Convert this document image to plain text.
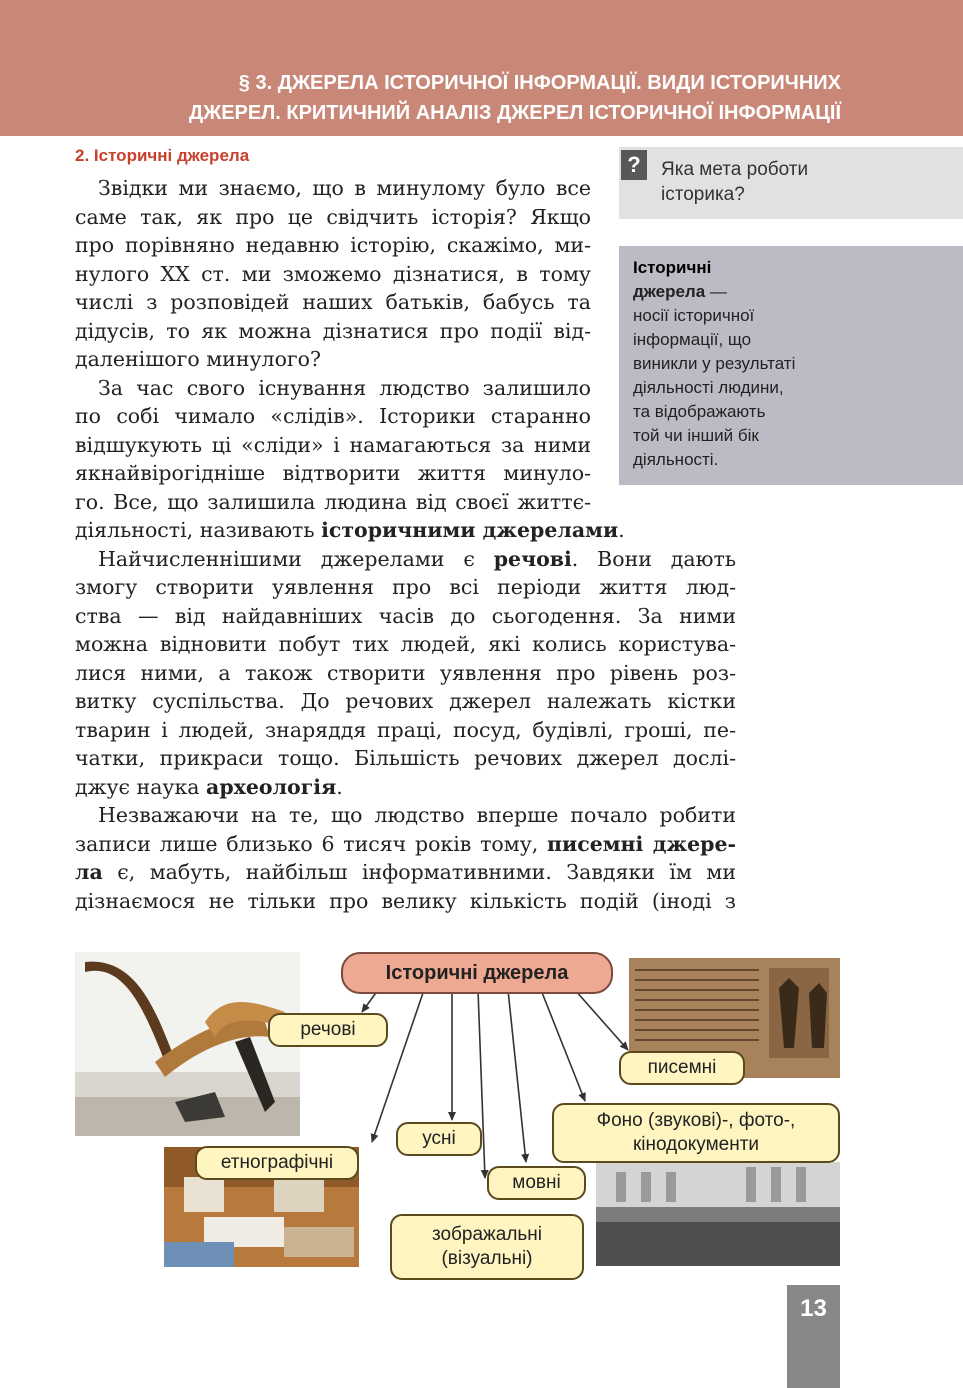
§ 3. ДЖЕРЕЛА ІСТОРИЧНОЇ ІНФОРМАЦІЇ. ВИДИ ІСТОРИЧНИХ
ДЖЕРЕЛ. КРИТИЧНИЙ АНАЛІЗ ДЖЕРЕЛ ІСТОРИЧНОЇ ІНФОРМАЦІЇ
2. Історичні джерела	?	Яка мета роботи
історика?
Історичні
джерела —
носії історичної
інформації, що
виникли у результаті
діяльності людини,
та відображають
той чи інший бік
діяльності.
Звідки ми знаємо, що в минулому було все
саме так, як про це свідчить історія? Якщо
про порівняно недавню історію, скажімо, ми-
нулого XX ст. ми зможемо дізнатися, в тому
числі з розповідей наших батьків, бабусь та
дідусів, то як можна дізнатися про події від-
даленішого минулого?
За час свого існування людство залишило
по собі чимало «слідів». Історики старанно
відшукують ці «сліди» і намагаються за ними
якнайвірогідніше відтворити життя минуло-
го. Все, що залишила людина від своєї життє-
діяльності, називають історичними джерелами.
Найчисленнішими джерелами є речові. Вони дають
змогу створити уявлення про всі періоди життя люд-
ства — від найдавніших часів до сьогодення. За ними
можна відновити побут тих людей, які колись користува-
лися ними, а також створити уявлення про рівень роз-
витку суспільства. До речових джерел належать кістки
тварин і людей, знаряддя праці, посуд, будівлі, гроші, пе-
чатки, прикраси тощо. Більшість речових джерел дослі-
джує наука археологія.
Незважаючи на те, що людство вперше почало робити
записи лише близько 6 тисяч років тому, писемні джере-
ла є, мабуть, найбільш інформативними. Завдяки їм ми
дізнаємося не тільки про велику кількість подій (іноді з
Історичні джерела
речові
писемні
етнографічні
усні
мовні
Фоно (звукові)-, фото-,
кінодокументи
зображальні
(візуальні)
13
